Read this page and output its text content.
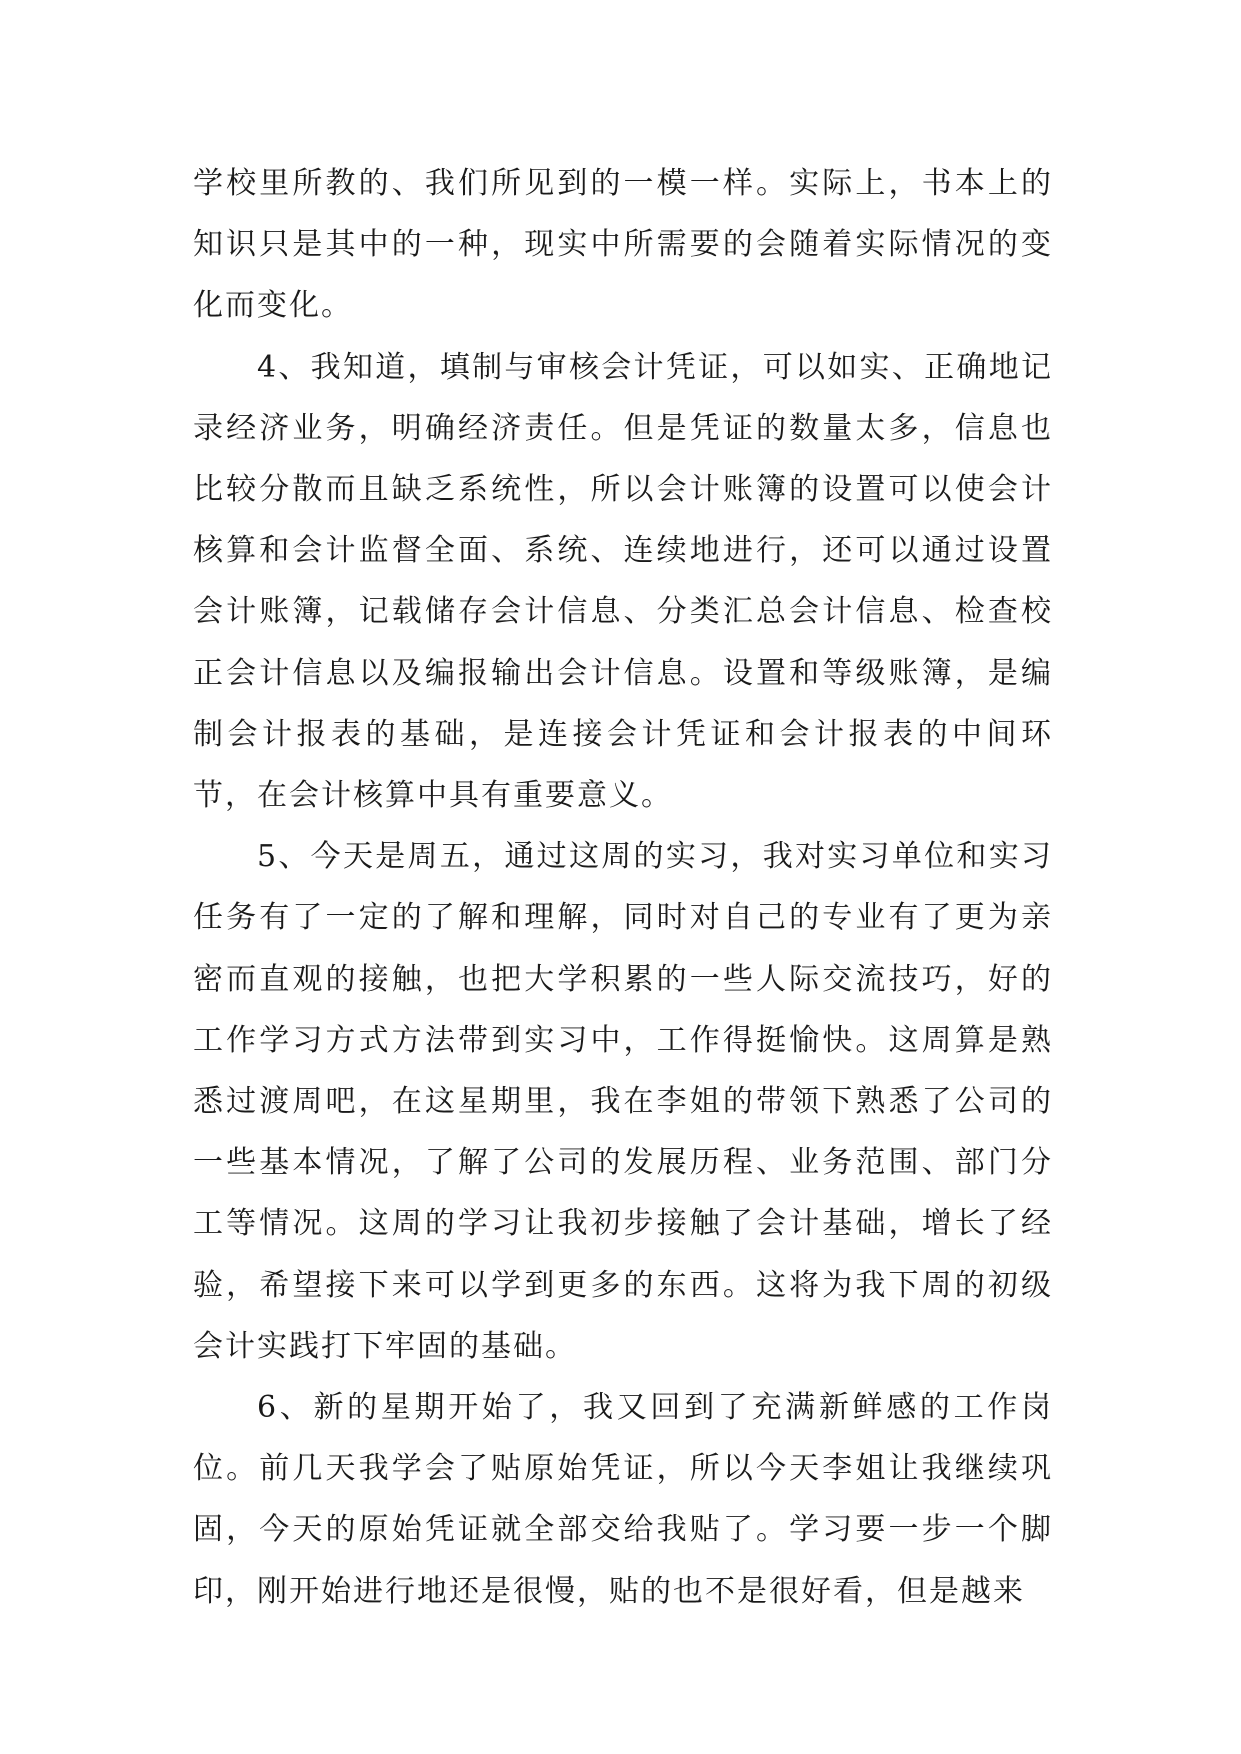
学校里所教的、我们所见到的一模一样。实际上，书本上的知识只是其中的一种，现实中所需要的会随着实际情况的变化而变化。

4、我知道，填制与审核会计凭证，可以如实、正确地记录经济业务，明确经济责任。但是凭证的数量太多，信息也比较分散而且缺乏系统性，所以会计账簿的设置可以使会计核算和会计监督全面、系统、连续地进行，还可以通过设置会计账簿，记载储存会计信息、分类汇总会计信息、检查校正会计信息以及编报输出会计信息。设置和等级账簿，是编制会计报表的基础，是连接会计凭证和会计报表的中间环节，在会计核算中具有重要意义。

5、今天是周五，通过这周的实习，我对实习单位和实习任务有了一定的了解和理解，同时对自己的专业有了更为亲密而直观的接触，也把大学积累的一些人际交流技巧，好的工作学习方式方法带到实习中，工作得挺愉快。这周算是熟悉过渡周吧，在这星期里，我在李姐的带领下熟悉了公司的一些基本情况，了解了公司的发展历程、业务范围、部门分工等情况。这周的学习让我初步接触了会计基础，增长了经验，希望接下来可以学到更多的东西。这将为我下周的初级会计实践打下牢固的基础。

6、新的星期开始了，我又回到了充满新鲜感的工作岗位。前几天我学会了贴原始凭证，所以今天李姐让我继续巩固，今天的原始凭证就全部交给我贴了。学习要一步一个脚印，刚开始进行地还是很慢，贴的也不是很好看，但是越来
